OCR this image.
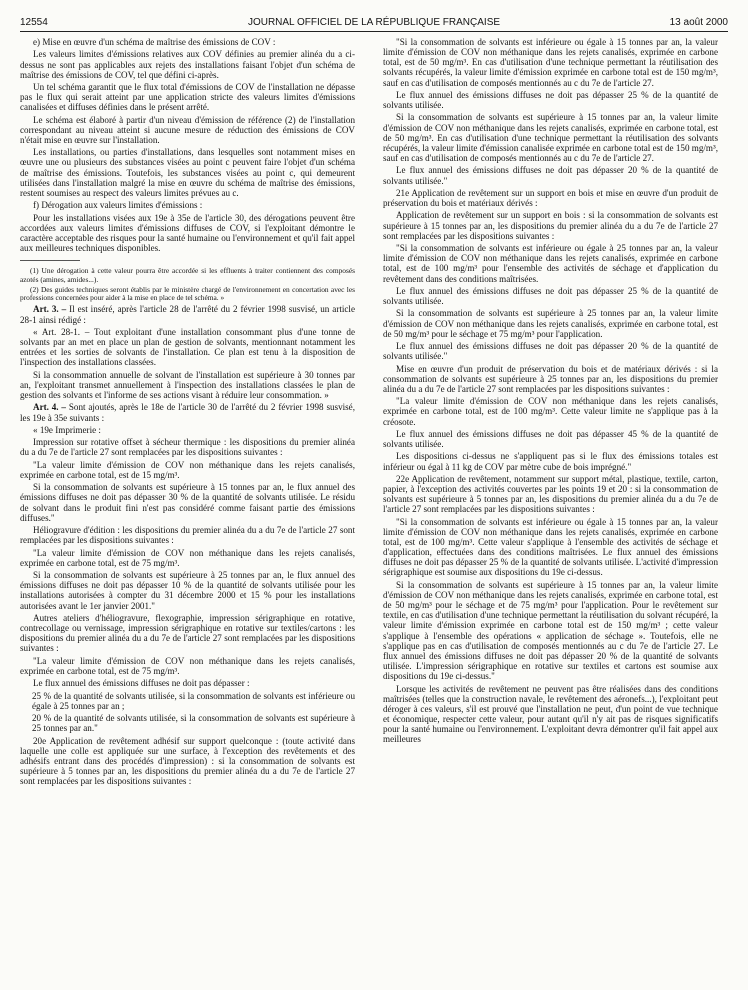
12554	JOURNAL OFFICIEL DE LA RÉPUBLIQUE FRANÇAISE	13 août 2000

e) Mise en œuvre d'un schéma de maîtrise des émissions de COV :

Les valeurs limites d'émissions relatives aux COV définies au premier alinéa du a ci-dessus ne sont pas applicables aux rejets des installations faisant l'objet d'un schéma de maîtrise des émissions de COV, tel que défini ci-après.

Un tel schéma garantit que le flux total d'émissions de COV de l'installation ne dépasse pas le flux qui serait atteint par une application stricte des valeurs limites d'émissions canalisées et diffuses définies dans le présent arrêté.

Le schéma est élaboré à partir d'un niveau d'émission de référence (2) de l'installation correspondant au niveau atteint si aucune mesure de réduction des émissions de COV n'était mise en œuvre sur l'installation.

Les installations, ou parties d'installations, dans lesquelles sont notamment mises en œuvre une ou plusieurs des substances visées au point c peuvent faire l'objet d'un schéma de maîtrise des émissions. Toutefois, les substances visées au point c, qui demeurent utilisées dans l'installation malgré la mise en œuvre du schéma de maîtrise des émissions, restent soumises au respect des valeurs limites prévues au c.

f) Dérogation aux valeurs limites d'émissions :

Pour les installations visées aux 19e à 35e de l'article 30, des dérogations peuvent être accordées aux valeurs limites d'émissions diffuses de COV, si l'exploitant démontre le caractère acceptable des risques pour la santé humaine ou l'environnement et qu'il fait appel aux meilleures techniques disponibles.

(1) Une dérogation à cette valeur pourra être accordée si les effluents à traiter contiennent des composés azotés (amines, amides...).

(2) Des guides techniques seront établis par le ministère chargé de l'environnement en concertation avec les professions concernées pour aider à la mise en place de tel schéma. »

Art. 3. – Il est inséré, après l'article 28 de l'arrêté du 2 février 1998 susvisé, un article 28-1 ainsi rédigé :

« Art. 28-1. – Tout exploitant d'une installation consommant plus d'une tonne de solvants par an met en place un plan de gestion de solvants, mentionnant notamment les entrées et les sorties de solvants de l'installation. Ce plan est tenu à la disposition de l'inspection des installations classées.

Si la consommation annuelle de solvant de l'installation est supérieure à 30 tonnes par an, l'exploitant transmet annuellement à l'inspection des installations classées le plan de gestion des solvants et l'informe de ses actions visant à réduire leur consommation. »

Art. 4. – Sont ajoutés, après le 18e de l'article 30 de l'arrêté du 2 février 1998 susvisé, les 19e à 35e suivants :

« 19e Imprimerie :

Impression sur rotative offset à sécheur thermique : les dispositions du premier alinéa du a du 7e de l'article 27 sont remplacées par les dispositions suivantes :

"La valeur limite d'émission de COV non méthanique dans les rejets canalisés, exprimée en carbone total, est de 15 mg/m³.

Si la consommation de solvants est supérieure à 15 tonnes par an, le flux annuel des émissions diffuses ne doit pas dépasser 30 % de la quantité de solvants utilisée. Le résidu de solvant dans le produit fini n'est pas considéré comme faisant partie des émissions diffuses."

Héliogravure d'édition : les dispositions du premier alinéa du a du 7e de l'article 27 sont remplacées par les dispositions suivantes :

"La valeur limite d'émission de COV non méthanique dans les rejets canalisés, exprimée en carbone total, est de 75 mg/m³.

Si la consommation de solvants est supérieure à 25 tonnes par an, le flux annuel des émissions diffuses ne doit pas dépasser 10 % de la quantité de solvants utilisée pour les installations autorisées à compter du 31 décembre 2000 et 15 % pour les installations autorisées avant le 1er janvier 2001."

Autres ateliers d'héliogravure, flexographie, impression sérigraphique en rotative, contrecollage ou vernissage, impression sérigraphique en rotative sur textiles/cartons : les dispositions du premier alinéa du a du 7e de l'article 27 sont remplacées par les dispositions suivantes :

"La valeur limite d'émission de COV non méthanique dans les rejets canalisés, exprimée en carbone total, est de 75 mg/m³.

Le flux annuel des émissions diffuses ne doit pas dépasser :

25 % de la quantité de solvants utilisée, si la consommation de solvants est inférieure ou égale à 25 tonnes par an ;

20 % de la quantité de solvants utilisée, si la consommation de solvants est supérieure à 25 tonnes par an."

20e Application de revêtement adhésif sur support quelconque : (toute activité dans laquelle une colle est appliquée sur une surface, à l'exception des revêtements et des adhésifs entrant dans des procédés d'impression) : si la consommation de solvants est supérieure à 5 tonnes par an, les dispositions du premier alinéa du a du 7e de l'article 27 sont remplacées par les dispositions suivantes :

"Si la consommation de solvants est inférieure ou égale à 15 tonnes par an, la valeur limite d'émission de COV non méthanique dans les rejets canalisés, exprimée en carbone total, est de 50 mg/m³. En cas d'utilisation d'une technique permettant la réutilisation des solvants récupérés, la valeur limite d'émission exprimée en carbone total est de 150 mg/m³, sauf en cas d'utilisation de composés mentionnés au c du 7e de l'article 27.

Le flux annuel des émissions diffuses ne doit pas dépasser 25 % de la quantité de solvants utilisée.

Si la consommation de solvants est supérieure à 15 tonnes par an, la valeur limite d'émission de COV non méthanique dans les rejets canalisés, exprimée en carbone total, est de 50 mg/m³. En cas d'utilisation d'une technique permettant la réutilisation des solvants récupérés, la valeur limite d'émission canalisée exprimée en carbone total est de 150 mg/m³, sauf en cas d'utilisation de composés mentionnés au c du 7e de l'article 27.

Le flux annuel des émissions diffuses ne doit pas dépasser 20 % de la quantité de solvants utilisée."

21e Application de revêtement sur un support en bois et mise en œuvre d'un produit de préservation du bois et matériaux dérivés :

Application de revêtement sur un support en bois : si la consommation de solvants est supérieure à 15 tonnes par an, les dispositions du premier alinéa du a du 7e de l'article 27 sont remplacées par les dispositions suivantes :

"Si la consommation de solvants est inférieure ou égale à 25 tonnes par an, la valeur limite d'émission de COV non méthanique dans les rejets canalisés, exprimée en carbone total, est de 100 mg/m³ pour l'ensemble des activités de séchage et d'application du revêtement dans des conditions maîtrisées.

Le flux annuel des émissions diffuses ne doit pas dépasser 25 % de la quantité de solvants utilisée.

Si la consommation de solvants est supérieure à 25 tonnes par an, la valeur limite d'émission de COV non méthanique dans les rejets canalisés, exprimée en carbone total, est de 50 mg/m³ pour le séchage et 75 mg/m³ pour l'application.

Le flux annuel des émissions diffuses ne doit pas dépasser 20 % de la quantité de solvants utilisée."

Mise en œuvre d'un produit de préservation du bois et de matériaux dérivés : si la consommation de solvants est supérieure à 25 tonnes par an, les dispositions du premier alinéa du a du 7e de l'article 27 sont remplacées par les dispositions suivantes :

"La valeur limite d'émission de COV non méthanique dans les rejets canalisés, exprimée en carbone total, est de 100 mg/m³. Cette valeur limite ne s'applique pas à la créosote.

Le flux annuel des émissions diffuses ne doit pas dépasser 45 % de la quantité de solvants utilisée.

Les dispositions ci-dessus ne s'appliquent pas si le flux des émissions totales est inférieur ou égal à 11 kg de COV par mètre cube de bois imprégné."

22e Application de revêtement, notamment sur support métal, plastique, textile, carton, papier, à l'exception des activités couvertes par les points 19 et 20 : si la consommation de solvants est supérieure à 5 tonnes par an, les dispositions du premier alinéa du a du 7e de l'article 27 sont remplacées par les dispositions suivantes :

"Si la consommation de solvants est inférieure ou égale à 15 tonnes par an, la valeur limite d'émission de COV non méthanique dans les rejets canalisés, exprimée en carbone total, est de 100 mg/m³. Cette valeur s'applique à l'ensemble des activités de séchage et d'application, effectuées dans des conditions maîtrisées. Le flux annuel des émissions diffuses ne doit pas dépasser 25 % de la quantité de solvants utilisée. L'activité d'impression sérigraphique est soumise aux dispositions du 19e ci-dessus.

Si la consommation de solvants est supérieure à 15 tonnes par an, la valeur limite d'émission de COV non méthanique dans les rejets canalisés, exprimée en carbone total, est de 50 mg/m³ pour le séchage et de 75 mg/m³ pour l'application. Pour le revêtement sur textile, en cas d'utilisation d'une technique permettant la réutilisation du solvant récupéré, la valeur limite d'émission exprimée en carbone total est de 150 mg/m³ ; cette valeur s'applique à l'ensemble des opérations « application de séchage ». Toutefois, elle ne s'applique pas en cas d'utilisation de composés mentionnés au c du 7e de l'article 27. Le flux annuel des émissions diffuses ne doit pas dépasser 20 % de la quantité de solvants utilisée. L'impression sérigraphique en rotative sur textiles et cartons est soumise aux dispositions du 19e ci-dessus."

Lorsque les activités de revêtement ne peuvent pas être réalisées dans des conditions maîtrisées (telles que la construction navale, le revêtement des aéronefs...), l'exploitant peut déroger à ces valeurs, s'il est prouvé que l'installation ne peut, d'un point de vue technique et économique, respecter cette valeur, pour autant qu'il n'y ait pas de risques significatifs pour la santé humaine ou l'environnement. L'exploitant devra démontrer qu'il fait appel aux meilleures
